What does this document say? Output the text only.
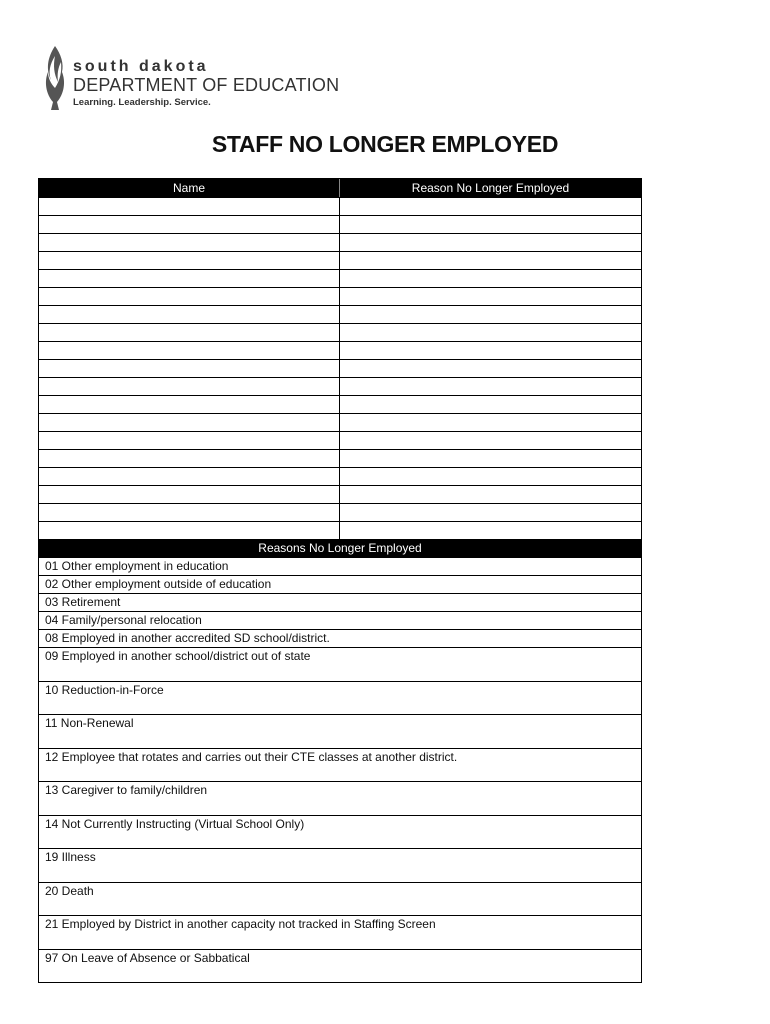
south dakota
DEPARTMENT OF EDUCATION
Learning. Leadership. Service.
STAFF NO LONGER EMPLOYED
Name	Reason No Longer Employed
Reasons No Longer Employed
01 Other employment in education
02 Other employment outside of education
03 Retirement
04 Family/personal relocation
08 Employed in another accredited SD school/district.
09 Employed in another school/district out of state
10 Reduction-in-Force
11 Non-Renewal
12 Employee that rotates and carries out their CTE classes at another district.
13 Caregiver to family/children
14 Not Currently Instructing (Virtual School Only)
19 Illness
20 Death
21 Employed by District in another capacity not tracked in Staffing Screen
97 On Leave of Absence or Sabbatical
